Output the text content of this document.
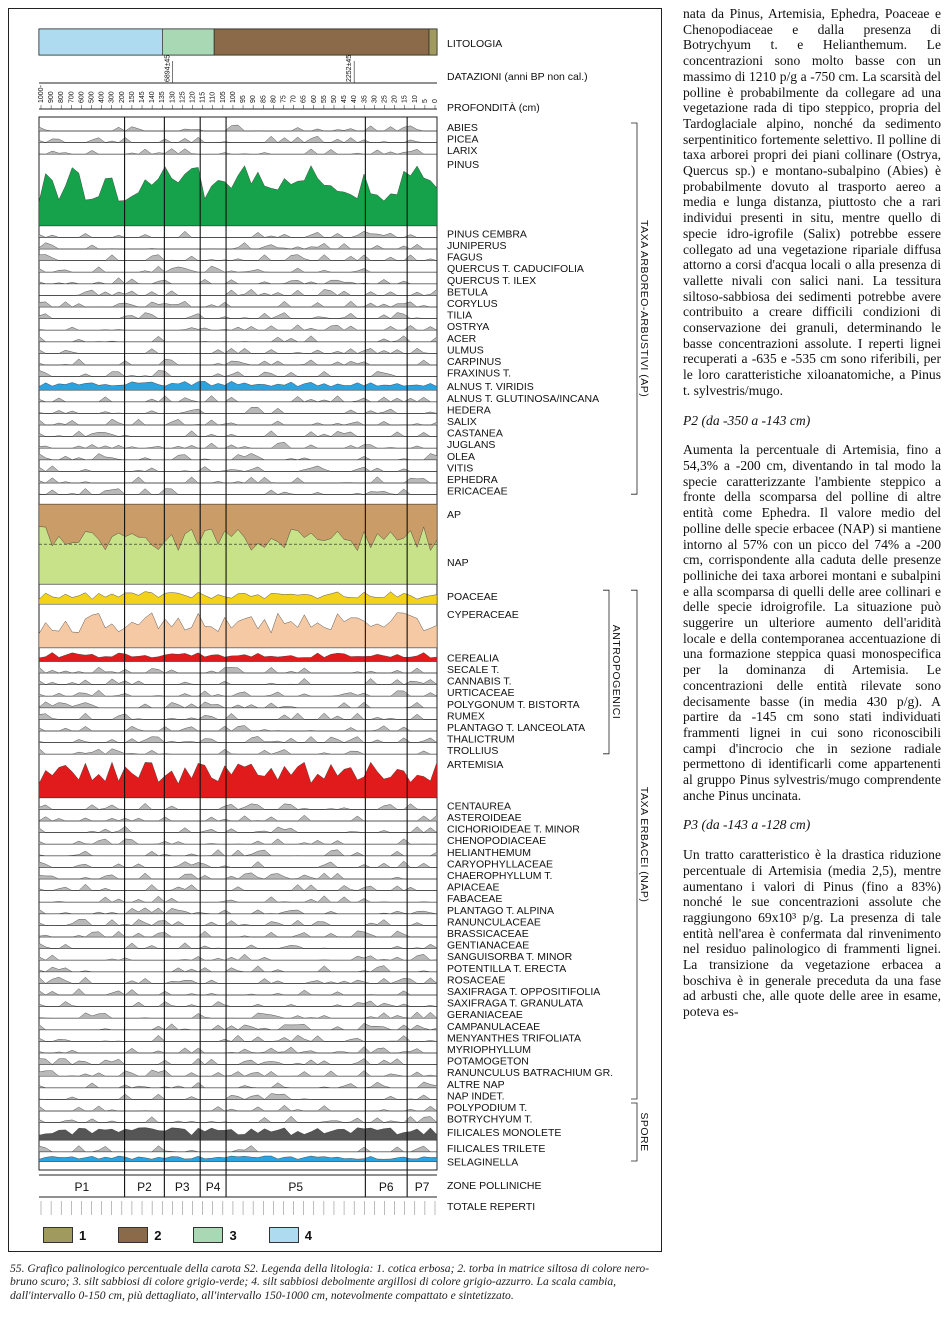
6894±45	2252±45
1000- 900 800 700 600 500 400 300 200 150 145 140 135 130 125 120 115 110 105 100 95 90 85 80 75 70 65 60 55 50 45 40 35 30 25 20 15 10 5 0
ABIES
PICEA
LARIX
PINUS
PINUS CEMBRA
JUNIPERUS
FAGUS
QUERCUS T. CADUCIFOLIA
QUERCUS T. ILEX
BETULA
CORYLUS
TILIA
OSTRYA
ACER
ULMUS
CARPINUS
FRAXINUS T.
ALNUS T. VIRIDIS
ALNUS T. GLUTINOSA/INCANA
HEDERA
SALIX
CASTANEA
JUGLANS
OLEA
VITIS
EPHEDRA
ERICACEAE
AP
NAP
POACEAE
CYPERACEAE
CEREALIA
SECALE T.
CANNABIS T.
URTICACEAE
POLYGONUM T. BISTORTA
RUMEX
PLANTAGO T. LANCEOLATA
THALICTRUM
TROLLIUS
ARTEMISIA
CENTAUREA
ASTEROIDEAE
CICHORIOIDEAE T. MINOR
CHENOPODIACEAE
HELIANTHEMUM
CARYOPHYLLACEAE
CHAEROPHYLLUM T.
APIACEAE
FABACEAE
PLANTAGO T. ALPINA
RANUNCULACEAE
BRASSICACEAE
GENTIANACEAE
SANGUISORBA T. MINOR
POTENTILLA T. ERECTA
ROSACEAE
SAXIFRAGA T. OPPOSITIFOLIA
SAXIFRAGA T. GRANULATA
GERANIACEAE
CAMPANULACEAE
MENYANTHES TRIFOLIATA
MYRIOPHYLLUM
POTAMOGETON
RANUNCULUS BATRACHIUM GR.
ALTRE NAP
NAP INDET.
POLYPODIUM T.
BOTRYCHYUM T.
FILICALES MONOLETE
FILICALES TRILETE
SELAGINELLA
TAXA ARBOREO-ARBUSTIVI (AP)
ANTROPOGENICI
TAXA ERBACEI (NAP)
SPORE
P1	P2 P3 P4	P5	P6 P7
LITOLOGIA
DATAZIONI (anni BP non cal.)
PROFONDITÀ (cm)
ZONE POLLINICHE
TOTALE REPERTI
1	2	3	4
55. Grafico palinologico percentuale della carota S2. Legenda della litologia: 1. cotica erbosa; 2. torba in matrice siltosa di colore nero-bruno scuro; 3. silt sabbiosi di colore grigio-verde; 4. silt sabbiosi debolmente argillosi di colore grigio-azzurro. La scala cambia, dall'intervallo 0-150 cm, più dettagliato, all'intervallo 150-1000 cm, notevolmente compattato e sintetizzato.

nata da Pinus, Artemisia, Ephedra, Poaceae e Chenopodiaceae e dalla presenza di Botrychyum t. e Helianthemum. Le concentrazioni sono molto basse con un massimo di 1210 p/g a -750 cm. La scarsità del polline è probabilmente da collegare ad una vegetazione rada di tipo steppico, propria del Tardoglaciale alpino, nonché da sedimento serpentinitico fortemente selettivo. Il polline di taxa arborei propri dei piani collinare (Ostrya, Quercus sp.) e montano-subalpino (Abies) è probabilmente dovuto al trasporto aereo a media e lunga distanza, piuttosto che a rari individui presenti in situ, mentre quello di specie idro-igrofile (Salix) potrebbe essere collegato ad una vegetazione ripariale diffusa attorno a corsi d'acqua locali o alla presenza di vallette nivali con salici nani. La tessitura siltoso-sabbiosa dei sedimenti potrebbe avere contribuito a creare difficili condizioni di conservazione dei granuli, determinando le basse concentrazioni assolute. I reperti lignei recuperati a -635 e -535 cm sono riferibili, per le loro caratteristiche xiloanatomiche, a Pinus t. sylvestris/mugo.

P2 (da -350 a -143 cm)

Aumenta la percentuale di Artemisia, fino a 54,3% a -200 cm, diventando in tal modo la specie caratterizzante l'ambiente steppico a fronte della scomparsa del polline di altre entità come Ephedra. Il valore medio del polline delle specie erbacee (NAP) si mantiene intorno al 57% con un picco del 74% a -200 cm, corrispondente alla caduta delle presenze polliniche dei taxa arborei montani e subalpini e alla scomparsa di quelli delle aree collinari e delle specie idroigrofile. La situazione può suggerire un ulteriore aumento dell'aridità locale e della contemporanea accentuazione di una formazione steppica quasi monospecifica per la dominanza di Artemisia. Le concentrazioni delle entità rilevate sono decisamente basse (in media 430 p/g). A partire da -145 cm sono stati individuati frammenti lignei in cui sono riconoscibili campi d'incrocio che in sezione radiale permettono di identificarli come appartenenti al gruppo Pinus sylvestris/mugo comprendente anche Pinus uncinata.

P3 (da -143 a -128 cm)

Un tratto caratteristico è la drastica riduzione percentuale di Artemisia (media 2,5), mentre aumentano i valori di Pinus (fino a 83%) nonché le sue concentrazioni assolute che raggiungono 69x10³ p/g. La presenza di tale entità nell'area è confermata dal rinvenimento nel residuo palinologico di frammenti lignei. La transizione da vegetazione erbacea a boschiva è in generale preceduta da una fase ad arbusti che, alle quote delle aree in esame, poteva es-
